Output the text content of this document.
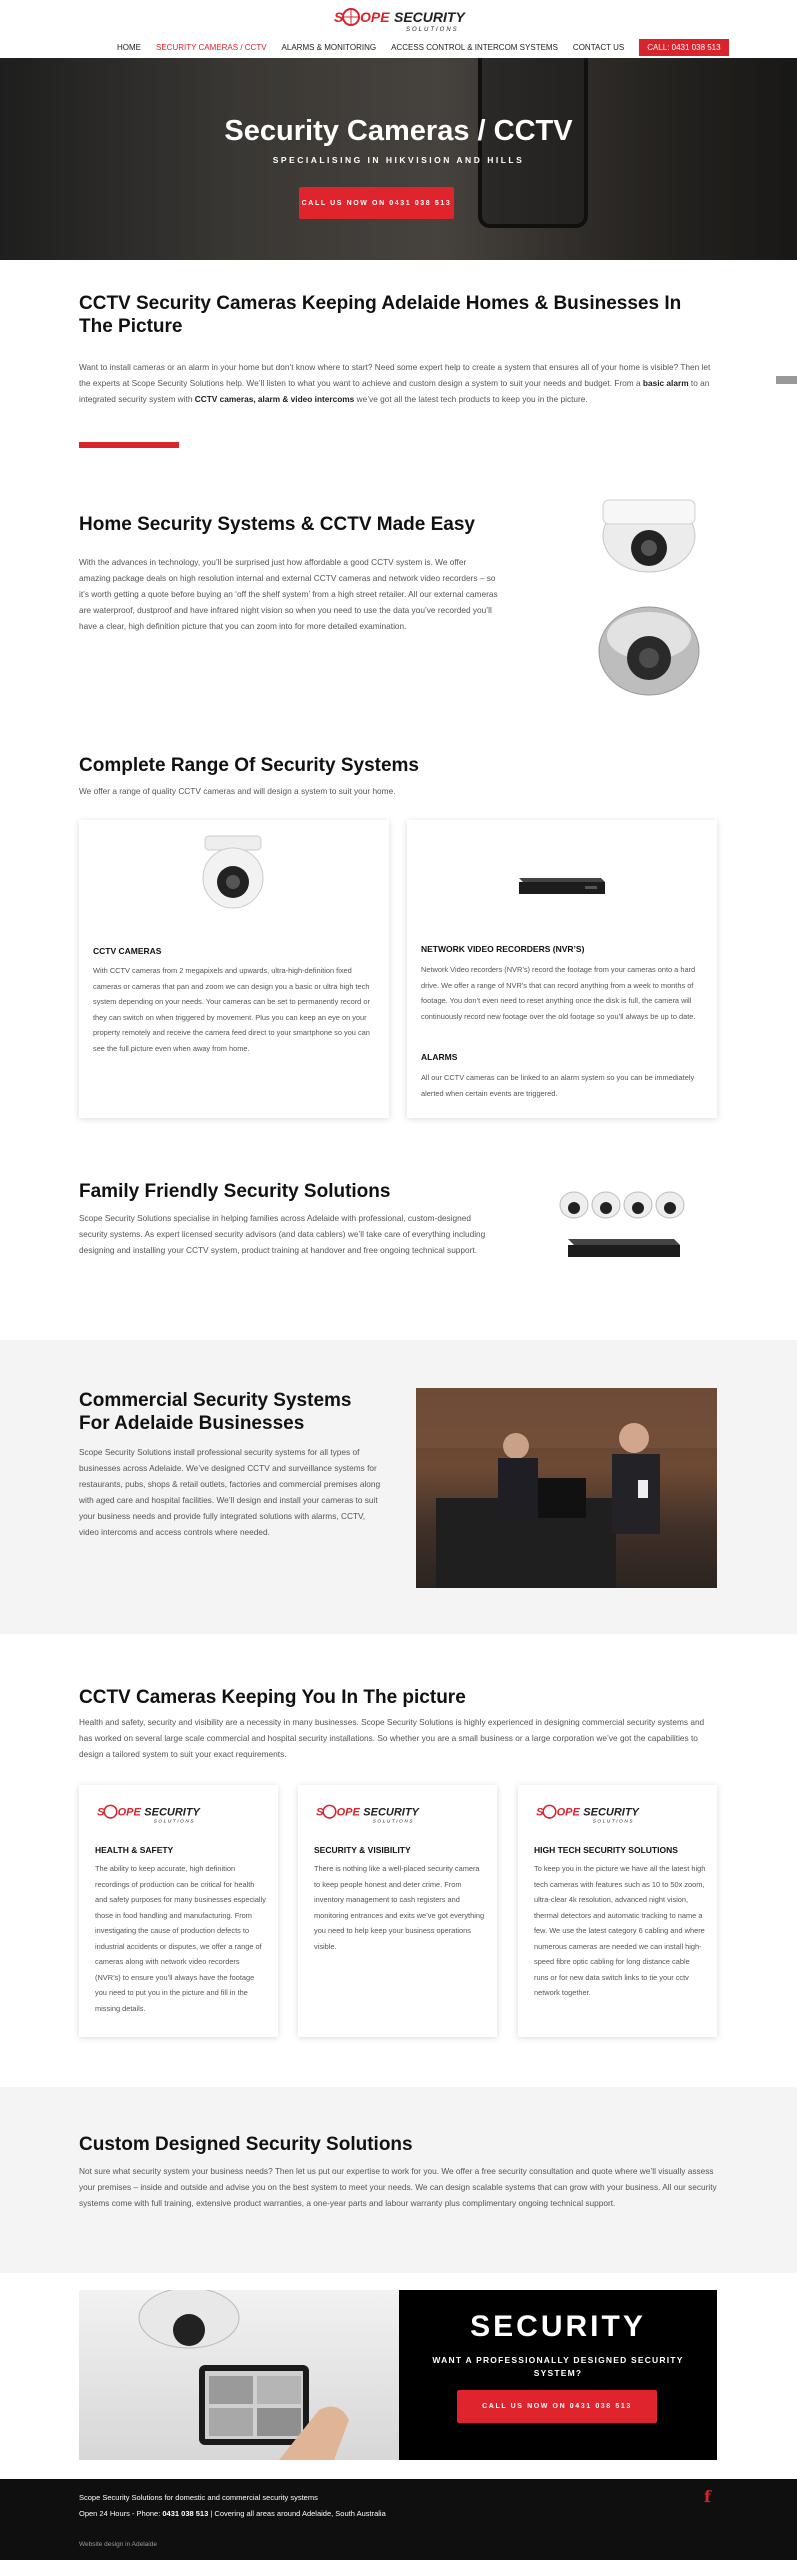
S OPE SECURITY
SOLUTIONS
HOME SECURITY CAMERAS / CCTV ALARMS & MONITORING ACCESS CONTROL & INTERCOM SYSTEMS CONTACT US	CALL: 0431 038 513
Security Cameras / CCTV
SPECIALISING IN HIKVISION AND HILLS
CALL US NOW ON 0431 038 513
CCTV Security Cameras Keeping Adelaide Homes & Businesses In The Picture
Want to install cameras or an alarm in your home but don’t know where to start? Need some expert help to create a system that ensures all of your home is visible? Then let the experts at Scope Security Solutions help. We’ll listen to what you want to achieve and custom design a system to suit your needs and budget. From a basic alarm to an integrated security system with CCTV cameras, alarm & video intercoms we’ve got all the latest tech products to keep you in the picture.
Home Security Systems & CCTV Made Easy
With the advances in technology, you’ll be surprised just how affordable a good CCTV system is. We offer amazing package deals on high resolution internal and external CCTV cameras and network video recorders – so it’s worth getting a quote before buying an ‘off the shelf system’ from a high street retailer. All our external cameras are waterproof, dustproof and have infrared night vision so when you need to use the data you’ve recorded you’ll have a clear, high definition picture that you can zoom into for more detailed examination.
Complete Range Of Security Systems
We offer a range of quality CCTV cameras and will design a system to suit your home.
CCTV CAMERAS
With CCTV cameras from 2 megapixels and upwards, ultra-high-definition fixed cameras or cameras that pan and zoom we can design you a basic or ultra high tech system depending on your needs. Your cameras can be set to permanently record or they can switch on when triggered by movement. Plus you can keep an eye on your property remotely and receive the camera feed direct to your smartphone so you can see the full picture even when away from home.
NETWORK VIDEO RECORDERS (NVR’S)
Network Video recorders (NVR’s) record the footage from your cameras onto a hard drive. We offer a range of NVR’s that can record anything from a week to months of footage. You don’t even need to reset anything once the disk is full, the camera will continuously record new footage over the old footage so you’ll always be up to date.
ALARMS
All our CCTV cameras can be linked to an alarm system so you can be immediately alerted when certain events are triggered.
Family Friendly Security Solutions
Scope Security Solutions specialise in helping families across Adelaide with professional, custom-designed security systems. As expert licensed security advisors (and data cablers) we’ll take care of everything including designing and installing your CCTV system, product training at handover and free ongoing technical support.
Commercial Security Systems For Adelaide Businesses
Scope Security Solutions install professional security systems for all types of businesses across Adelaide. We’ve designed CCTV and surveillance systems for restaurants, pubs, shops & retail outlets, factories and commercial premises along with aged care and hospital facilities. We’ll design and install your cameras to suit your business needs and provide fully integrated solutions with alarms, CCTV, video intercoms and access controls where needed.
CCTV Cameras Keeping You In The picture
Health and safety, security and visibility are a necessity in many businesses. Scope Security Solutions is highly experienced in designing commercial security systems and has worked on several large scale commercial and hospital security installations. So whether you are a small business or a large corporation we’ve got the capabilities to design a tailored system to suit your exact requirements.
S OPE SECURITY
SOLUTIONS
HEALTH & SAFETY
The ability to keep accurate, high definition recordings of production can be critical for health and safety purposes for many businesses especially those in food handling and manufacturing. From investigating the cause of production defects to industrial accidents or disputes, we offer a range of cameras along with network video recorders (NVR’s) to ensure you’ll always have the footage you need to put you in the picture and fill in the missing details.
S OPE SECURITY
SOLUTIONS
SECURITY & VISIBILITY
There is nothing like a well-placed security camera to keep people honest and deter crime. From inventory management to cash registers and monitoring entrances and exits we’ve got everything you need to help keep your business operations visible.
S OPE SECURITY
SOLUTIONS
HIGH TECH SECURITY SOLUTIONS
To keep you in the picture we have all the latest high tech cameras with features such as 10 to 50x zoom, ultra-clear 4k resolution, advanced night vision, thermal detectors and automatic tracking to name a few. We use the latest category 6 cabling and where numerous cameras are needed we can install high-speed fibre optic cabling for long distance cable runs or for new data switch links to tie your cctv network together.
Custom Designed Security Solutions
Not sure what security system your business needs? Then let us put our expertise to work for you. We offer a free security consultation and quote where we’ll visually assess your premises – inside and outside and advise you on the best system to meet your needs. We can design scalable systems that can grow with your business. All our security systems come with full training, extensive product warranties, a one-year parts and labour warranty plus complimentary ongoing technical support.
SECURITY
WANT A PROFESSIONALLY DESIGNED SECURITY SYSTEM?
CALL US NOW ON 0431 038 513
Scope Security Solutions for domestic and commercial security systems
Open 24 Hours - Phone: 0431 038 513 | Covering all areas around Adelaide, South Australia
Website design in Adelaide
f
